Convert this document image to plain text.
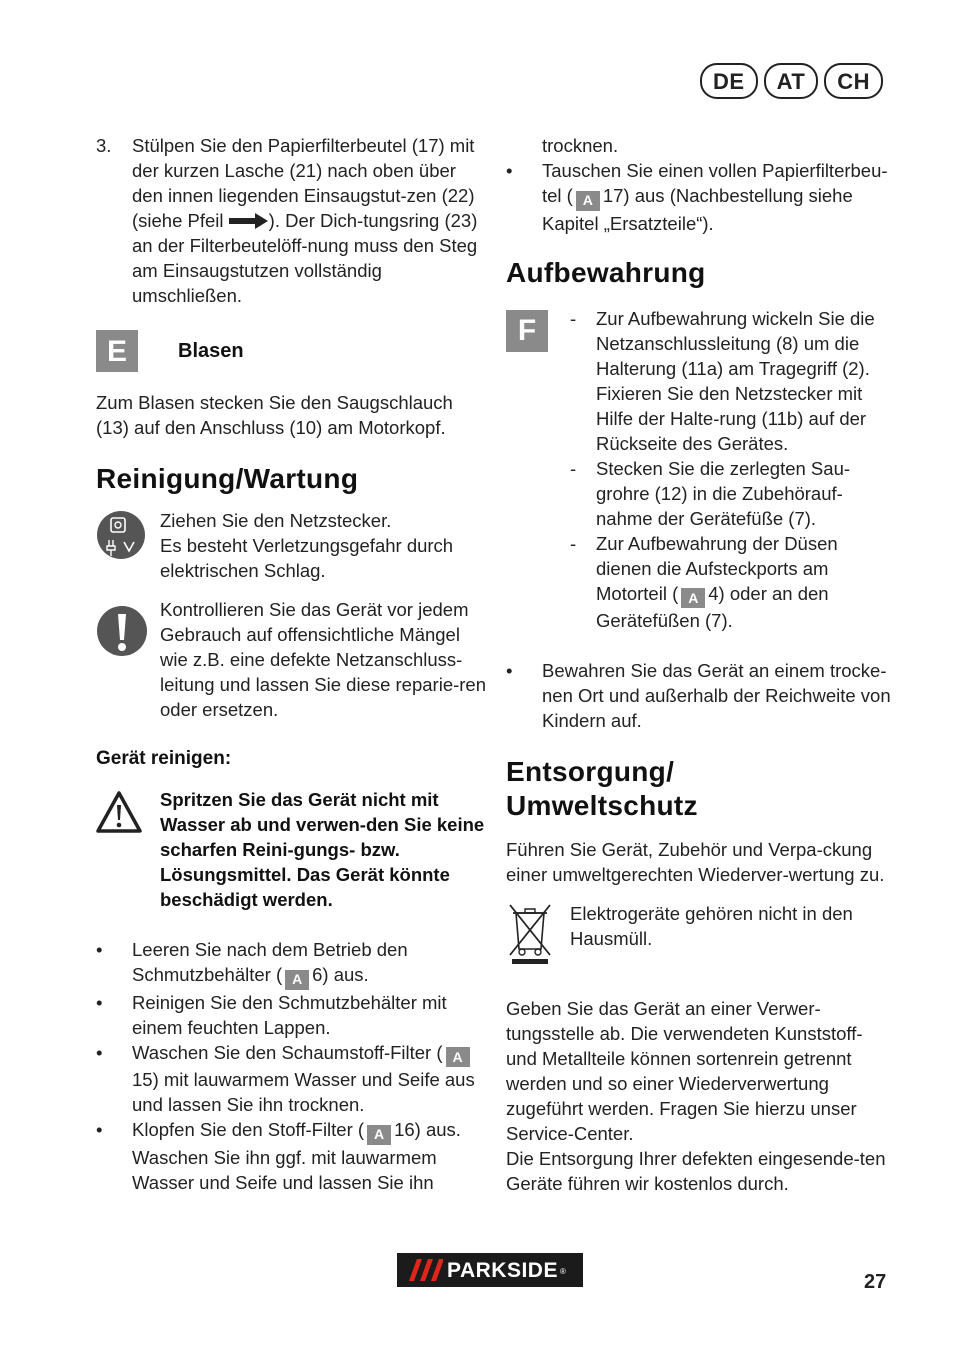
DE	AT	CH
3.	Stülpen Sie den Papierfilterbeutel (17) mit der kurzen Lasche (21) nach oben über den innen liegenden Einsaugstut-zen (22) (siehe Pfeil ). Der Dich-tungsring (23) an der Filterbeutelöff-nung muss den Steg am Einsaugstutzen vollständig umschließen.
E	Blasen

Zum Blasen stecken Sie den Saugschlauch (13) auf den Anschluss (10) am Motorkopf.

Reinigung/Wartung

Ziehen Sie den Netzstecker.

Es besteht Verletzungsgefahr durch elektrischen Schlag.

Kontrollieren Sie das Gerät vor jedem Gebrauch auf offensichtliche Mängel wie z.B. eine defekte Netzanschluss-leitung und lassen Sie diese reparie-ren oder ersetzen.

Gerät reinigen:

Spritzen Sie das Gerät nicht mit Wasser ab und verwen-den Sie keine scharfen Reini-gungs- bzw. Lösungsmittel. Das Gerät könnte beschädigt werden.

•	Leeren Sie nach dem Betrieb den Schmutzbehälter ( A 6) aus.
•	Reinigen Sie den Schmutzbehälter mit einem feuchten Lappen.
•	Waschen Sie den Schaumstoff-Filter ( A15) mit lauwarmem Wasser und Seife aus und lassen Sie ihn trocknen.
•	Klopfen Sie den Stoff-Filter ( A 16) aus. Waschen Sie ihn ggf. mit lauwarmem Wasser und Seife und lassen Sie ihn

trocknen.

•	Tauschen Sie einen vollen Papierfilterbeu-tel ( A 17) aus (Nachbestellung siehe Kapitel „Ersatzteile“).
Aufbewahrung
F	-	Zur Aufbewahrung wickeln Sie die Netzanschlussleitung (8) um die Halterung (11a) am Tragegriff (2). Fixieren Sie den Netzstecker mit Hilfe der Halte-rung (11b) auf der Rückseite des Gerätes.
-	Stecken Sie die zerlegten Sau-grohre (12) in die Zubehörauf-nahme der Gerätefüße (7).
-	Zur Aufbewahrung der Düsen dienen die Aufsteckports am Motorteil ( A 4) oder an den Gerätefüßen (7).
•	Bewahren Sie das Gerät an einem trocke-nen Ort und außerhalb der Reichweite von Kindern auf.
Entsorgung/
Umweltschutz

Führen Sie Gerät, Zubehör und Verpa-ckung einer umweltgerechten Wiederver-wertung zu.

Elektrogeräte gehören nicht in den Hausmüll.

Geben Sie das Gerät an einer Verwer-tungsstelle ab. Die verwendeten Kunststoff- und Metallteile können sortenrein getrennt werden und so einer Wiederverwertung zugeführt werden. Fragen Sie hierzu unser Service-Center.

Die Entsorgung Ihrer defekten eingesende-ten Geräte führen wir kostenlos durch.

PARKSIDE ®	27
